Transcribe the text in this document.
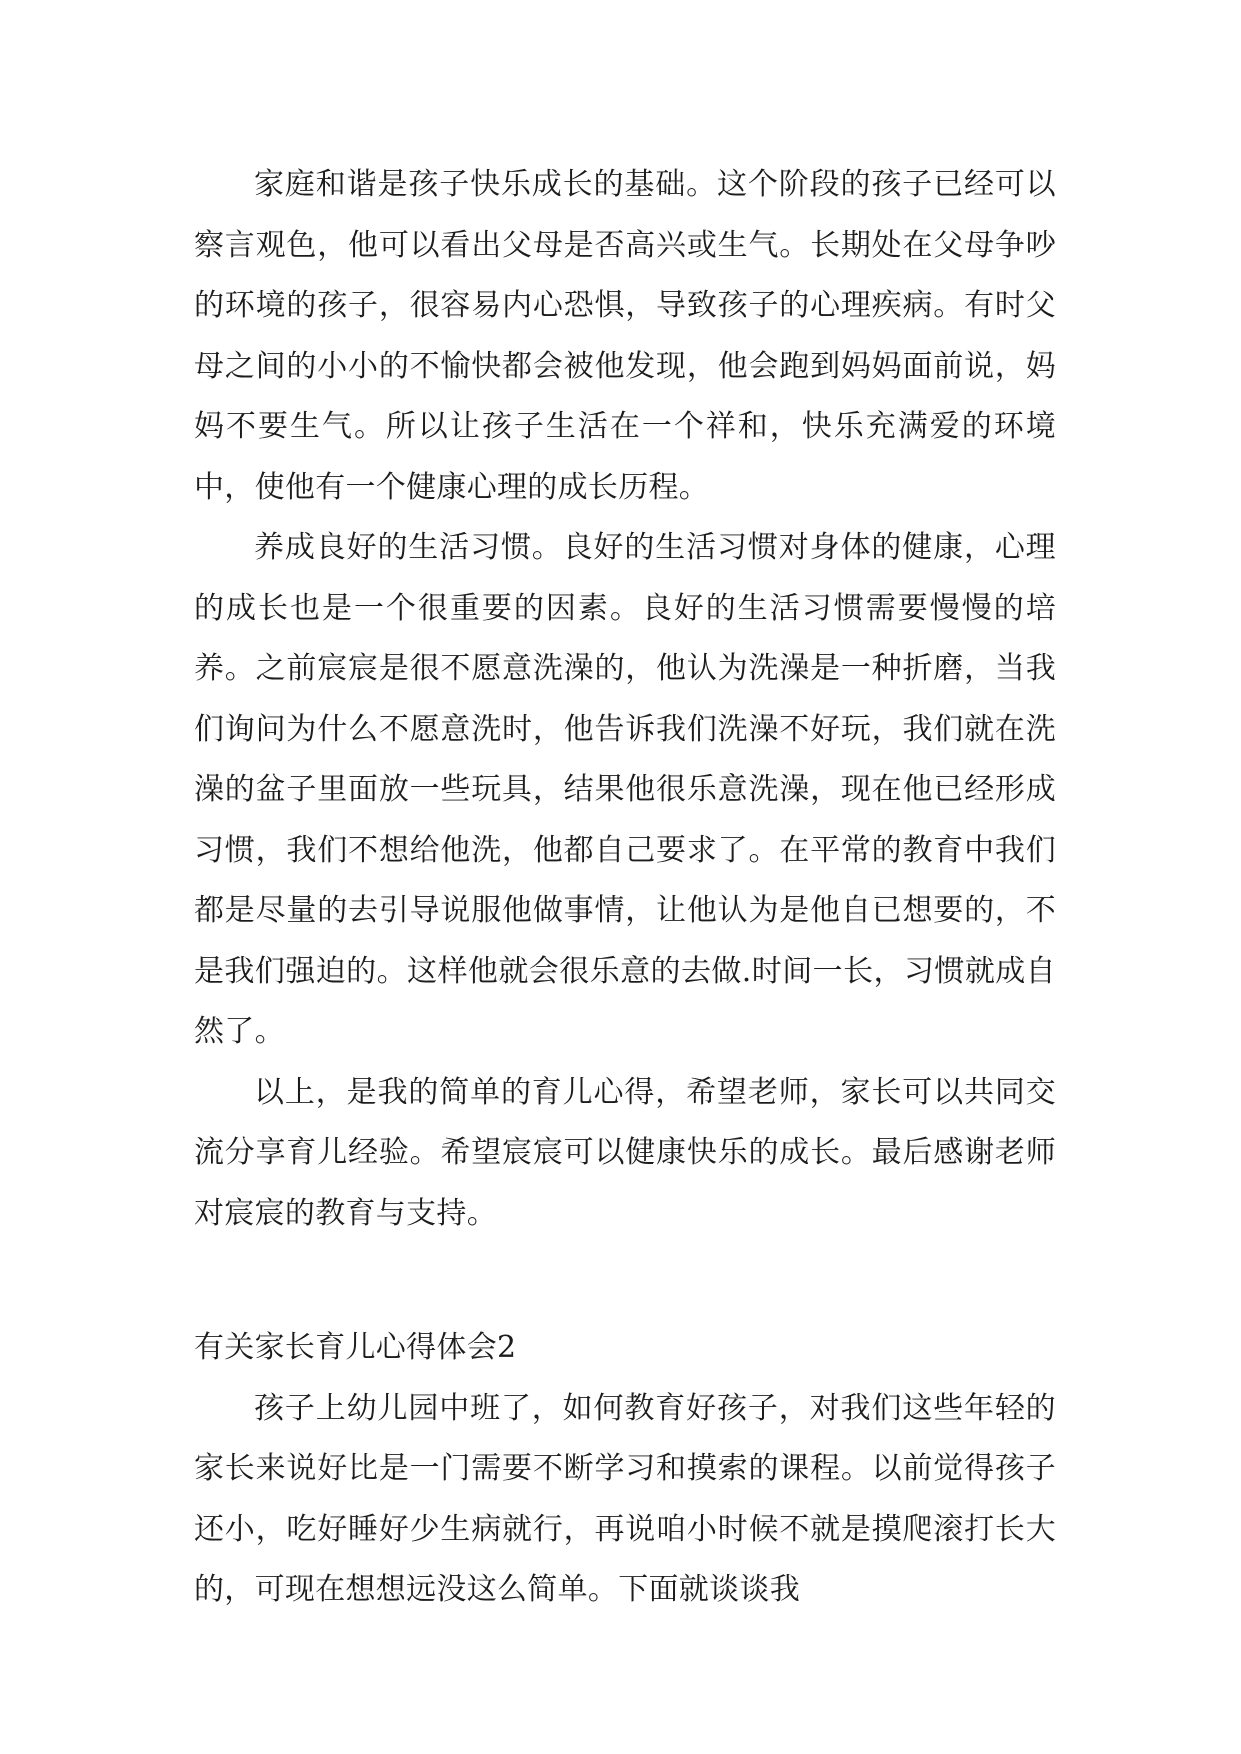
家庭和谐是孩子快乐成长的基础。这个阶段的孩子已经可以察言观色，他可以看出父母是否高兴或生气。长期处在父母争吵的环境的孩子，很容易内心恐惧，导致孩子的心理疾病。有时父母之间的小小的不愉快都会被他发现，他会跑到妈妈面前说，妈妈不要生气。所以让孩子生活在一个祥和，快乐充满爱的环境中，使他有一个健康心理的成长历程。

养成良好的生活习惯。良好的生活习惯对身体的健康，心理的成长也是一个很重要的因素。良好的生活习惯需要慢慢的培养。之前宸宸是很不愿意洗澡的，他认为洗澡是一种折磨，当我们询问为什么不愿意洗时，他告诉我们洗澡不好玩，我们就在洗澡的盆子里面放一些玩具，结果他很乐意洗澡，现在他已经形成习惯，我们不想给他洗，他都自己要求了。在平常的教育中我们都是尽量的去引导说服他做事情，让他认为是他自已想要的，不是我们强迫的。这样他就会很乐意的去做.时间一长，习惯就成自然了。

以上，是我的简单的育儿心得，希望老师，家长可以共同交流分享育儿经验。希望宸宸可以健康快乐的成长。最后感谢老师对宸宸的教育与支持。

有关家长育儿心得体会2

孩子上幼儿园中班了，如何教育好孩子，对我们这些年轻的家长来说好比是一门需要不断学习和摸索的课程。以前觉得孩子还小，吃好睡好少生病就行，再说咱小时候不就是摸爬滚打长大的，可现在想想远没这么简单。下面就谈谈我
